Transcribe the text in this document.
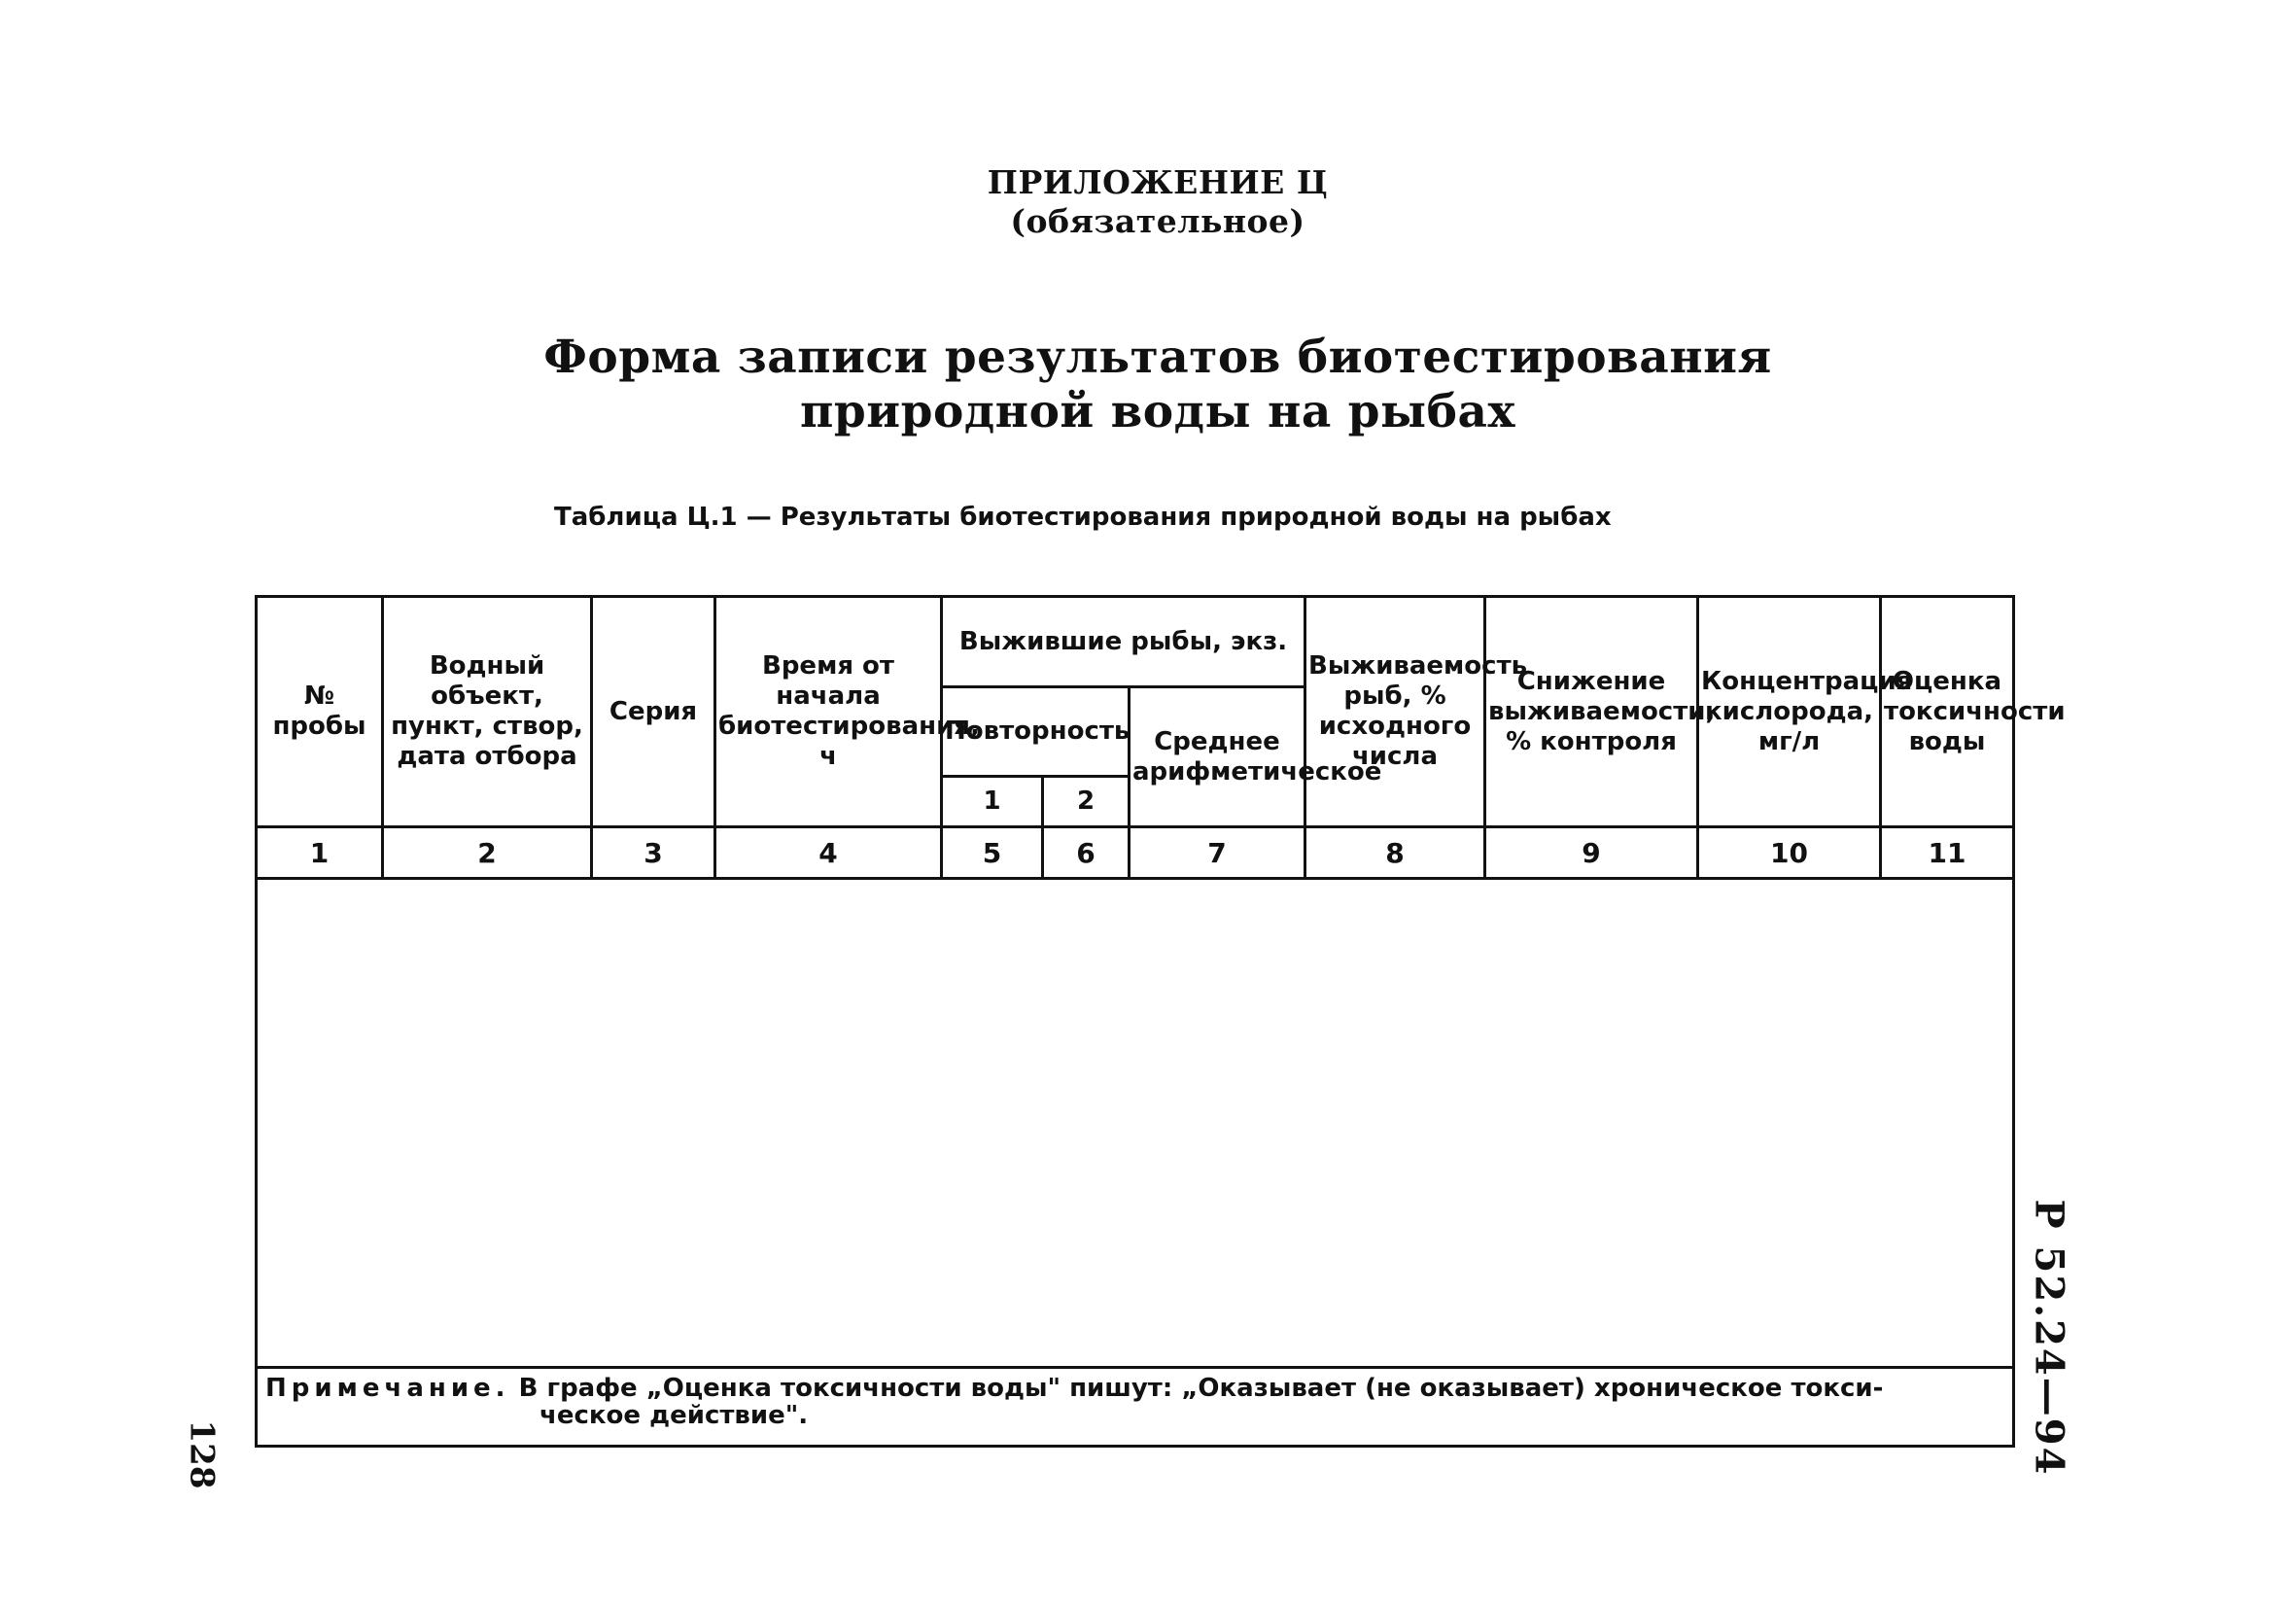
ПРИЛОЖЕНИЕ Ц
(обязательное)
Форма записи результатов биотестирования
природной воды на рыбах
Таблица Ц.1 — Результаты биотестирования природной воды на рыбах
№ пробы	Водный объект, пункт, створ, дата отбора	Серия	Время от начала биотестирования, ч	Выжившие рыбы, экз.			Выживаемость рыб, % исходного числа	Снижение выживаемости, % контроля	Концентрация кислорода, мг/л	Оценка токсичности воды
				Повторность		Среднее арифметическое				
				1	2					
1	2	3	4	5	6	7	8	9	10	11

Примечание. В графе „Оценка токсичности воды" пишут: „Оказывает (не оказывает) хроническое токси-
ческое действие".										
128	Р 52.24—94
